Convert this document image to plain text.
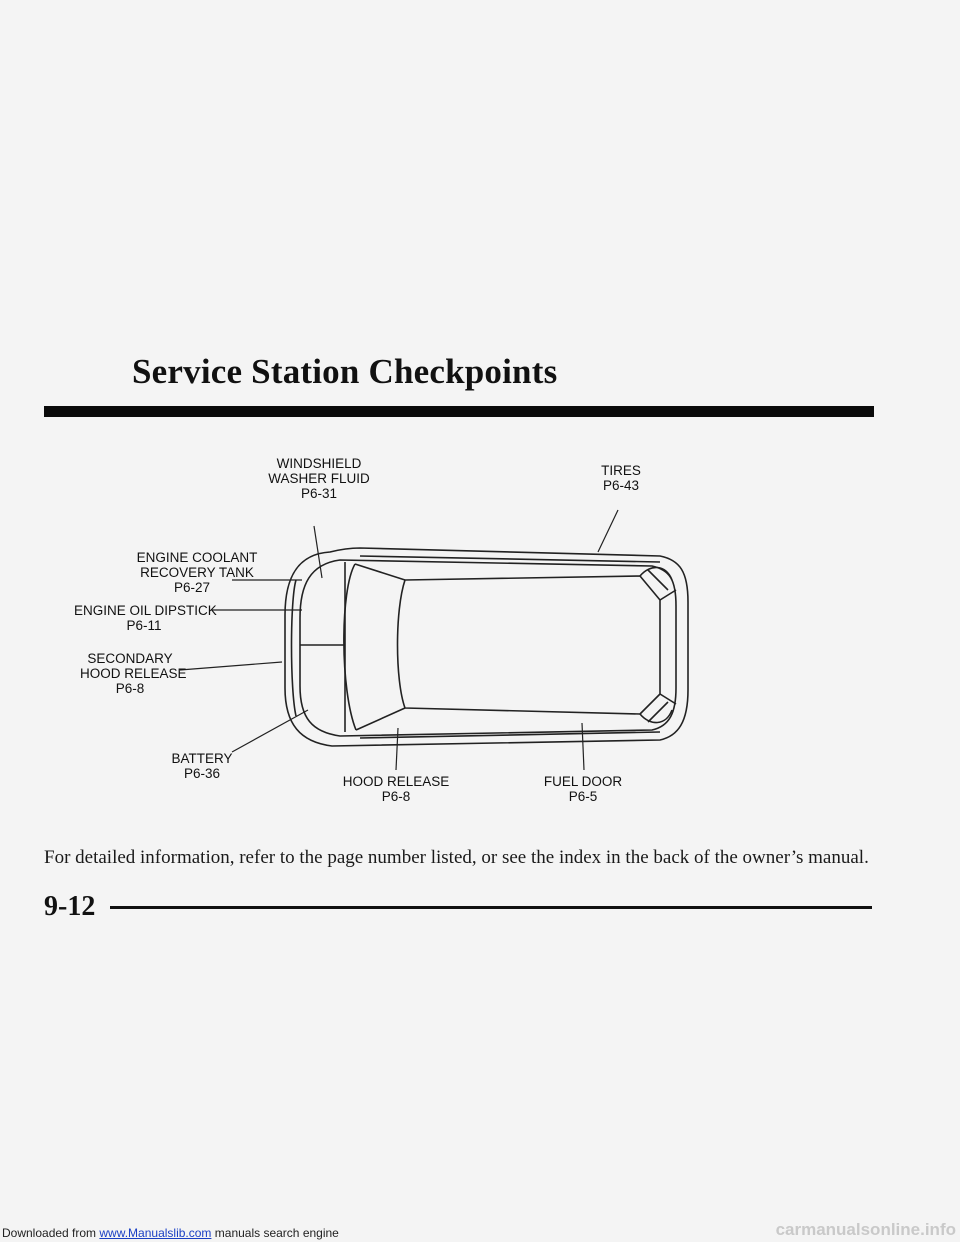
Service Station Checkpoints
WINDSHIELD
WASHER FLUID
P6-31
TIRES
P6-43
ENGINE COOLANT
RECOVERY TANK
P6-27
ENGINE OIL DIPSTICK
P6-11
SECONDARY
HOOD RELEASE
P6-8
BATTERY
P6-36
HOOD RELEASE
P6-8
FUEL DOOR
P6-5
For detailed information, refer to the page number listed, or see the index in the back of the owner’s manual.
9-12
Downloaded from www.Manualslib.com manuals search engine	carmanualsonline.info
